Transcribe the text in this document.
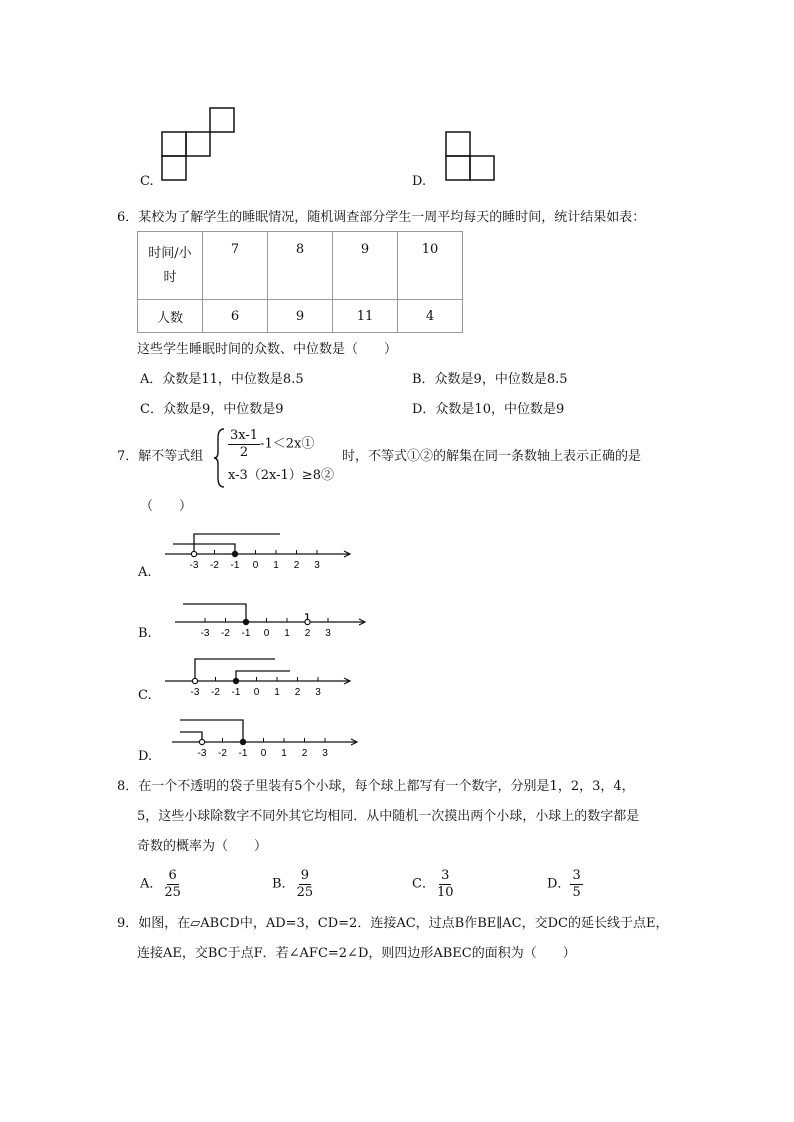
C.	D.
6．某校为了解学生的睡眠情况，随机调查部分学生一周平均每天的睡时间，统计结果如表：
时间/小
时	7	8	9	10
人数	6	9	11	4
这些学生睡眠时间的众数、中位数是（　　）
A．众数是11，中位数是8.5	B．众数是9，中位数是8.5
C．众数是9，中位数是9	D．众数是10，中位数是9
7．解不等式组 $\frac{3x-1}{2}$ -1＜2x①
x-3（2x-1）≥8②
时，不等式①②的解集在同一条数轴上表示正确的是
（　　）
-3 -2 -1 0 1 2 3
A.
-3 -2 -1 0 1 2 3
B.
-3 -2 -1 0 1 2 3
C.
-3 -2 -1 0 1 2 3
D.
8．在一个不透明的袋子里装有5个小球，每个球上都写有一个数字，分别是1，2，3，4，
5，这些小球除数字不同外其它均相同．从中随机一次摸出两个小球，小球上的数字都是
奇数的概率为（　　）
A． $\frac{6}{25}$	B． $\frac{9}{25}$	C． $\frac{3}{10}$	D． $\frac{3}{5}$
9．如图，在▱ABCD中，AD=3，CD=2．连接AC，过点B作BE∥AC，交DC的延长线于点E，
连接AE，交BC于点F．若∠AFC=2∠D，则四边形ABEC的面积为（　　）
